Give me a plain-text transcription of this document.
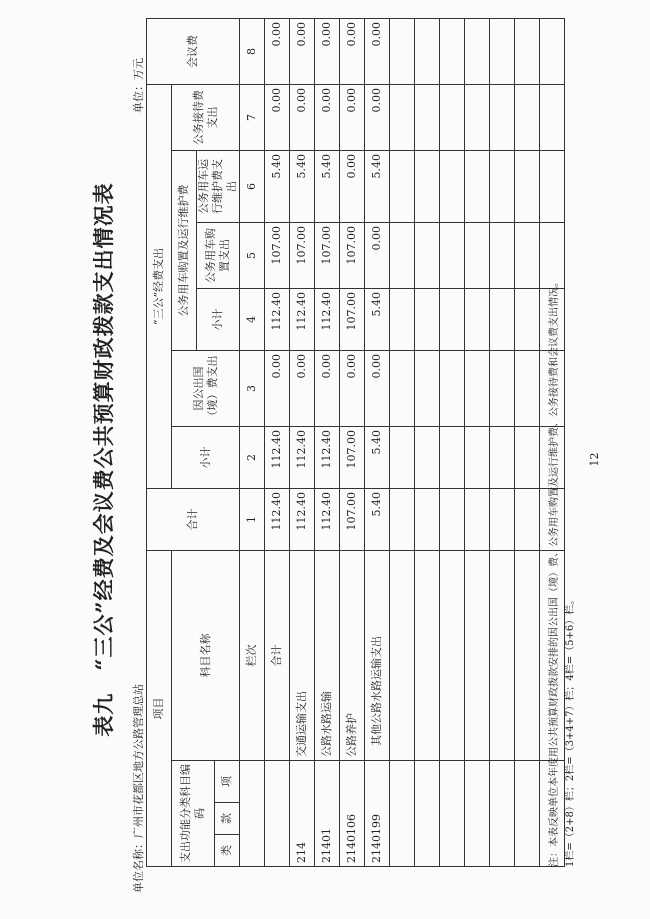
表九　“三公”经费及会议费公共预算财政拨款支出情况表
单位名称：广州市花都区地方公路管理总站
单位：万元
项目				合计	“三公”经费支出						会议费
支出功能分类科目编码			科目名称		小计	因公出国（境）费支出	公务用车购置及运行维护费			公务接待费支出	
							小计	公务用车购置支出	公务用车运行维护费支出		

类	款	项									
			栏次	1	2	3	4	5	6	7	8
			合计	112.40	112.40	0.00	112.40	107.00	5.40	0.00	0.00
214			交通运输支出	112.40	112.40	0.00	112.40	107.00	5.40	0.00	0.00
21401			公路水路运输	112.40	112.40	0.00	112.40	107.00	5.40	0.00	0.00
2140106			公路养护	107.00	107.00	0.00	107.00	107.00	0.00	0.00	0.00
2140199			其他公路水路运输支出	5.40	5.40	0.00	5.40	0.00	5.40	0.00	0.00

注：本表反映单位本年度用公共预算财政拨款安排的因公出国（境）费、公务用车购置及运行维护费、公务接待费和会议费支出情况。 1栏=（2+8）栏；2栏=（3+4+7）栏；4栏=（5+6）栏。
12
